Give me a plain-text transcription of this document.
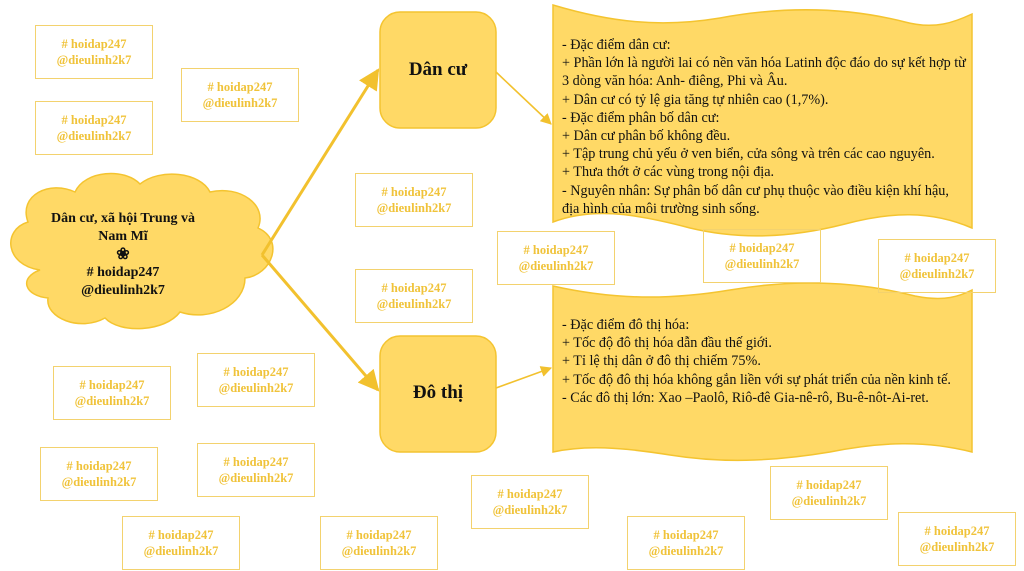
# hoidap247
@dieulinh2k7
# hoidap247
@dieulinh2k7
# hoidap247
@dieulinh2k7
# hoidap247
@dieulinh2k7
# hoidap247
@dieulinh2k7
# hoidap247
@dieulinh2k7
# hoidap247
@dieulinh2k7	# hoidap247
@dieulinh2k7
# hoidap247
@dieulinh2k7
# hoidap247
@dieulinh2k7
# hoidap247
@dieulinh2k7
# hoidap247
@dieulinh2k7
# hoidap247
@dieulinh2k7
# hoidap247
@dieulinh2k7
# hoidap247
@dieulinh2k7
# hoidap247
@dieulinh2k7
# hoidap247
@dieulinh2k7
# hoidap247
@dieulinh2k7
Dân cư, xã hội Trung và
Nam Mĩ
❀
# hoidap247
@dieulinh2k7
Dân cư
Đô thị
- Đặc điểm dân cư:
+ Phần lớn là người lai có nền văn hóa Latinh độc đáo do sự kết hợp từ 3 dòng văn hóa: Anh- điêng, Phi và Âu.
+ Dân cư có tỷ lệ gia tăng tự nhiên cao (1,7%).
- Đặc điểm phân bố dân cư:
+ Dân cư phân bố không đều.
+ Tập trung chủ yếu ở ven biển, cửa sông và trên các cao nguyên.
+ Thưa thớt ở các vùng trong nội địa.
- Nguyên nhân: Sự phân bố dân cư phụ thuộc vào điều kiện khí hậu, địa hình của môi trường sinh sống.
- Đặc điểm đô thị hóa:
+ Tốc độ đô thị hóa dẫn đầu thế giới.
+ Tỉ lệ thị dân ở đô thị chiếm 75%.
+ Tốc độ đô thị hóa không gắn liền với sự phát triển của nền kinh tế.
- Các đô thị lớn: Xao –Paolô, Riô-đê Gia-nê-rô, Bu-ê-nôt-Ai-ret.
